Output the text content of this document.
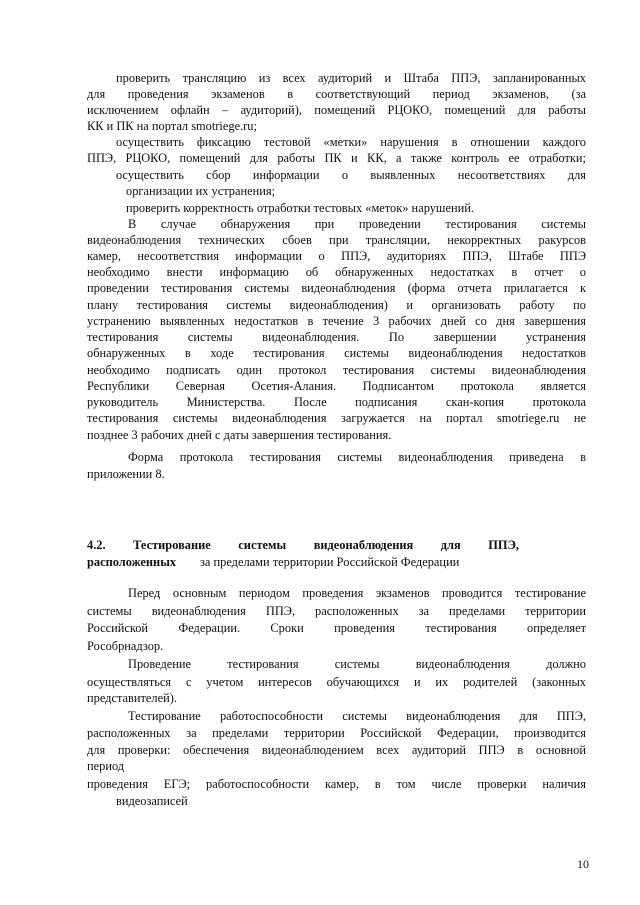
проверить трансляцию из всех аудиторий и Штаба ППЭ, запланированных

для проведения экзаменов в соответствующий период экзаменов, (за

исключением офлайн – аудиторий), помещений РЦОКО, помещений для работы

КК и ПК на портал smotriege.ru;

осуществить фиксацию тестовой «метки» нарушения в отношении каждого

ППЭ, РЦОКО, помещений для работы ПК и КК, а также контроль ее отработки;

осуществить сбор информации о выявленных несоответствиях для

организации их устранения;

проверить корректность отработки тестовых «меток» нарушений.

В случае обнаружения при проведении тестирования системы

видеонаблюдения технических сбоев при трансляции, некорректных ракурсов

камер, несоответствия информации о ППЭ, аудиториях ППЭ, Штабе ППЭ

необходимо внести информацию об обнаруженных недостатках в отчет о

проведении тестирования системы видеонаблюдения (форма отчета прилагается к

плану тестирования системы видеонаблюдения) и организовать работу по

устранению выявленных недостатков в течение 3 рабочих дней со дня завершения

тестирования системы видеонаблюдения. По завершении устранения

обнаруженных в ходе тестирования системы видеонаблюдения недостатков

необходимо подписать один протокол тестирования системы видеонаблюдения

Республики Северная Осетия-Алания. Подписантом протокола является

руководитель Министерства. После подписания скан-копия протокола

тестирования системы видеонаблюдения загружается на портал smotriege.ru не

позднее 3 рабочих дней с даты завершения тестирования.

Форма протокола тестирования системы видеонаблюдения приведена в

приложении 8.

4.2. Тестирование системы видеонаблюдения для ППЭ,

расположенных за пределами территории Российской Федерации

Перед основным периодом проведения экзаменов проводится тестирование

системы видеонаблюдения ППЭ, расположенных за пределами территории

Российской Федерации. Сроки проведения тестирования определяет

Рособрнадзор.

Проведение тестирования системы видеонаблюдения должно

осуществляться с учетом интересов обучающихся и их родителей (законных

представителей).

Тестирование работоспособности системы видеонаблюдения для ППЭ,

расположенных за пределами территории Российской Федерации, производится

для проверки: обеспечения видеонаблюдением всех аудиторий ППЭ в основной

период

проведения ЕГЭ; работоспособности камер, в том числе проверки наличия

видеозаписей

10
